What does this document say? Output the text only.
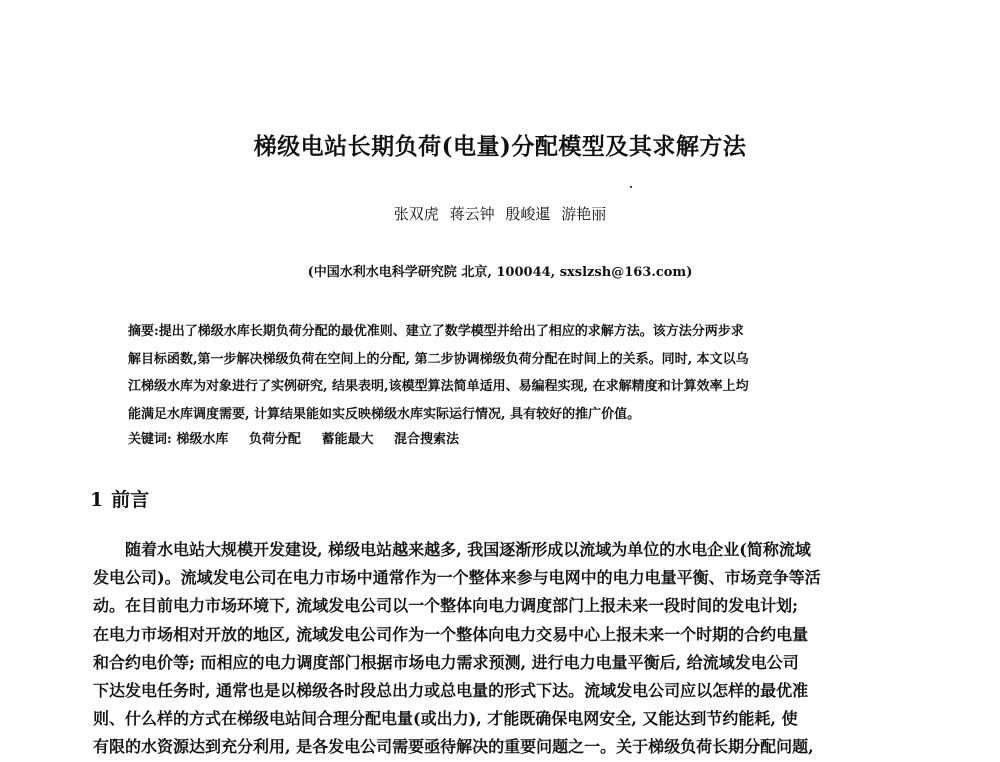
梯级电站长期负荷(电量)分配模型及其求解方法
张双虎 蒋云钟 殷峻暹 游艳丽
(中国水利水电科学研究院 北京, 100044, sxslzsh@163.com)
摘要:提出了梯级水库长期负荷分配的最优准则、建立了数学模型并给出了相应的求解方法。该方法分两步求
解目标函数,第一步解决梯级负荷在空间上的分配, 第二步协调梯级负荷分配在时间上的关系。同时, 本文以乌
江梯级水库为对象进行了实例研究, 结果表明,该模型算法简单适用、易编程实现, 在求解精度和计算效率上均
能满足水库调度需要, 计算结果能如实反映梯级水库实际运行情况, 具有较好的推广价值。
关键词: 梯级水库 负荷分配 蓄能最大 混合搜索法
1 前言
随着水电站大规模开发建设, 梯级电站越来越多, 我国逐渐形成以流域为单位的水电企业(简称流域
发电公司)。流域发电公司在电力市场中通常作为一个整体来参与电网中的电力电量平衡、市场竞争等活
动。在目前电力市场环境下, 流域发电公司以一个整体向电力调度部门上报未来一段时间的发电计划;
在电力市场相对开放的地区, 流域发电公司作为一个整体向电力交易中心上报未来一个时期的合约电量
和合约电价等; 而相应的电力调度部门根据市场电力需求预测, 进行电力电量平衡后, 给流域发电公司
下达发电任务时, 通常也是以梯级各时段总出力或总电量的形式下达。流域发电公司应以怎样的最优准
则、什么样的方式在梯级电站间合理分配电量(或出力), 才能既确保电网安全, 又能达到节约能耗, 使
有限的水资源达到充分利用, 是各发电公司需要亟待解决的重要问题之一。关于梯级负荷长期分配问题,
